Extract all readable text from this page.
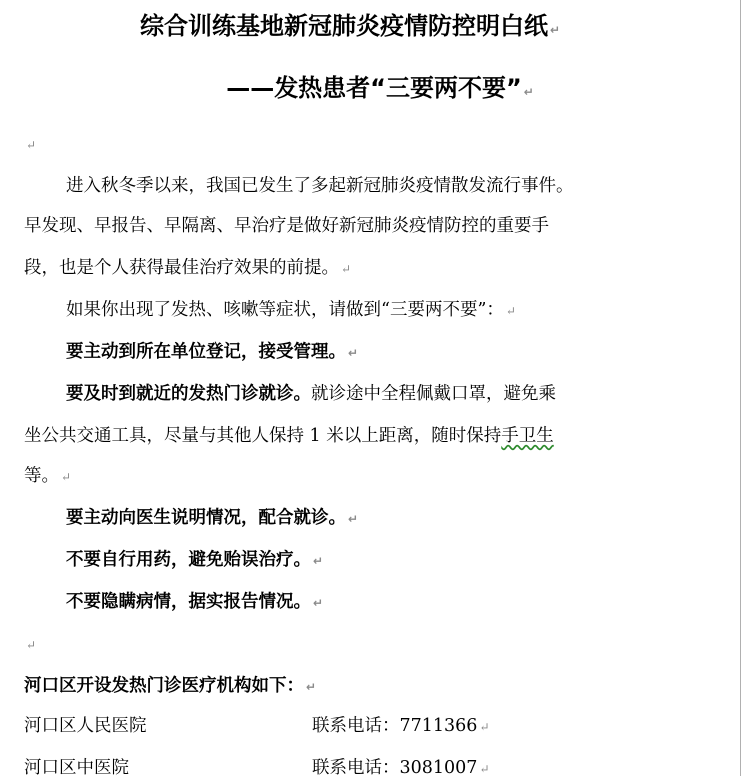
综合训练基地新冠肺炎疫情防控明白纸 ↵
——发热患者“三要两不要” ↵
↵
进入秋冬季以来，我国已发生了多起新冠肺炎疫情散发流行事件。
早发现、早报告、早隔离、早治疗是做好新冠肺炎疫情防控的重要手
段，也是个人获得最佳治疗效果的前提。 ↵
如果你出现了发热、咳嗽等症状，请做到“三要两不要”： ↵
要主动到所在单位登记，接受管理。 ↵
要及时到就近的发热门诊就诊。就诊途中全程佩戴口罩，避免乘
坐公共交通工具，尽量与其他人保持 1 米以上距离，随时保持手卫生
等。 ↵
要主动向医生说明情况，配合就诊。 ↵
不要自行用药，避免贻误治疗。 ↵
不要隐瞒病情，据实报告情况。 ↵
↵
河口区开设发热门诊医疗机构如下： ↵
河口区人民医院	联系电话：7711366 ↵
河口区中医院	联系电话：3081007 ↵
